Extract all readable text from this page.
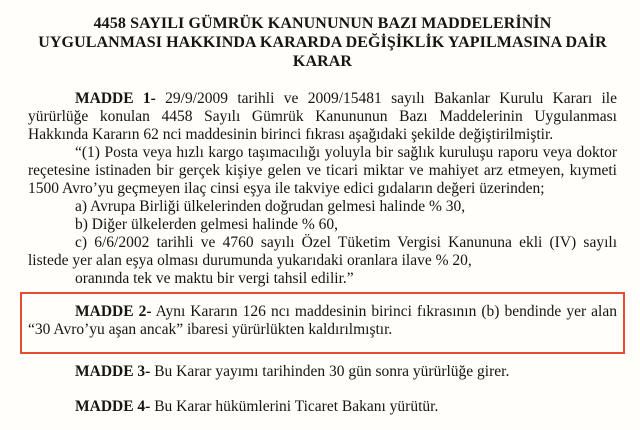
4458 SAYILI GÜMRÜK KANUNUNUN BAZI MADDELERİNİN
UYGULANMASI HAKKINDA KARARDA DEĞİŞİKLİK YAPILMASINA DAİR
KARAR

MADDE 1- 29/9/2009 tarihli ve 2009/15481 sayılı Bakanlar Kurulu Kararı ile yürürlüğe konulan 4458 Sayılı Gümrük Kanununun Bazı Maddelerinin Uygulanması Hakkında Kararın 62 nci maddesinin birinci fıkrası aşağıdaki şekilde değiştirilmiştir.

“(1) Posta veya hızlı kargo taşımacılığı yoluyla bir sağlık kuruluşu raporu veya doktor reçetesine istinaden bir gerçek kişiye gelen ve ticari miktar ve mahiyet arz etmeyen, kıymeti 1500 Avro’yu geçmeyen ilaç cinsi eşya ile takviye edici gıdaların değeri üzerinden;

a) Avrupa Birliği ülkelerinden doğrudan gelmesi halinde % 30,

b) Diğer ülkelerden gelmesi halinde % 60,

c) 6/6/2002 tarihli ve 4760 sayılı Özel Tüketim Vergisi Kanununa ekli (IV) sayılı listede yer alan eşya olması durumunda yukarıdaki oranlara ilave % 20,

oranında tek ve maktu bir vergi tahsil edilir.”

MADDE 2- Aynı Kararın 126 ncı maddesinin birinci fıkrasının (b) bendinde yer alan “30 Avro’yu aşan ancak” ibaresi yürürlükten kaldırılmıştır.

MADDE 3- Bu Karar yayımı tarihinden 30 gün sonra yürürlüğe girer.

MADDE 4- Bu Karar hükümlerini Ticaret Bakanı yürütür.
